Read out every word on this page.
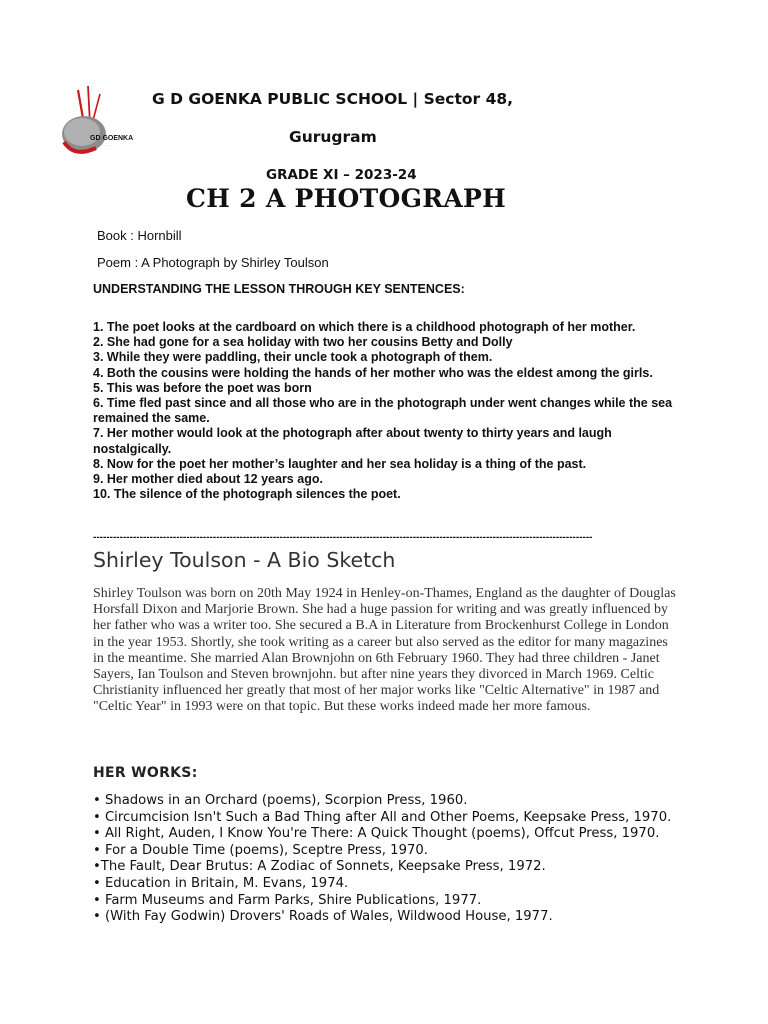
GD GOENKA
· · · · · ·
G D GOENKA PUBLIC SCHOOL | Sector 48,
Gurugram
GRADE XI – 2023-24
CH 2 A PHOTOGRAPH
Book : Hornbill
Poem : A Photograph by Shirley Toulson
UNDERSTANDING THE LESSON THROUGH KEY SENTENCES:
1. The poet looks at the cardboard on which there is a childhood photograph of her mother.
2. She had gone for a sea holiday with two her cousins Betty and Dolly
3. While they were paddling, their uncle took a photograph of them.
4. Both the cousins were holding the hands of her mother who was the eldest among the girls.
5. This was before the poet was born
6. Time fled past since and all those who are in the photograph under went changes while the sea remained the same.
7. Her mother would look at the photograph after about twenty to thirty years and laugh nostalgically.
8. Now for the poet her mother’s laughter and her sea holiday is a thing of the past.
9. Her mother died about 12 years ago.
10. The silence of the photograph silences the poet.
------------------------------------------------------------------------------------------------------------------------------------------------------
Shirley Toulson - A Bio Sketch

Shirley Toulson was born on 20th May 1924 in Henley-on-Thames, England as the daughter of Douglas Horsfall Dixon and Marjorie Brown. She had a huge passion for writing and was greatly influenced by her father who was a writer too. She secured a B.A in Literature from Brockenhurst College in London in the year 1953. Shortly, she took writing as a career but also served as the editor for many magazines in the meantime. She married Alan Brownjohn on 6th February 1960. They had three children - Janet Sayers, Ian Toulson and Steven brownjohn. but after nine years they divorced in March 1969. Celtic Christianity influenced her greatly that most of her major works like "Celtic Alternative" in 1987 and "Celtic Year" in 1993 were on that topic. But these works indeed made her more famous.

HER WORKS:
• Shadows in an Orchard (poems), Scorpion Press, 1960.
• Circumcision Isn't Such a Bad Thing after All and Other Poems, Keepsake Press, 1970.
• All Right, Auden, I Know You're There: A Quick Thought (poems), Offcut Press, 1970.
• For a Double Time (poems), Sceptre Press, 1970.
•The Fault, Dear Brutus: A Zodiac of Sonnets, Keepsake Press, 1972.
• Education in Britain, M. Evans, 1974.
• Farm Museums and Farm Parks, Shire Publications, 1977.
• (With Fay Godwin) Drovers' Roads of Wales, Wildwood House, 1977.
